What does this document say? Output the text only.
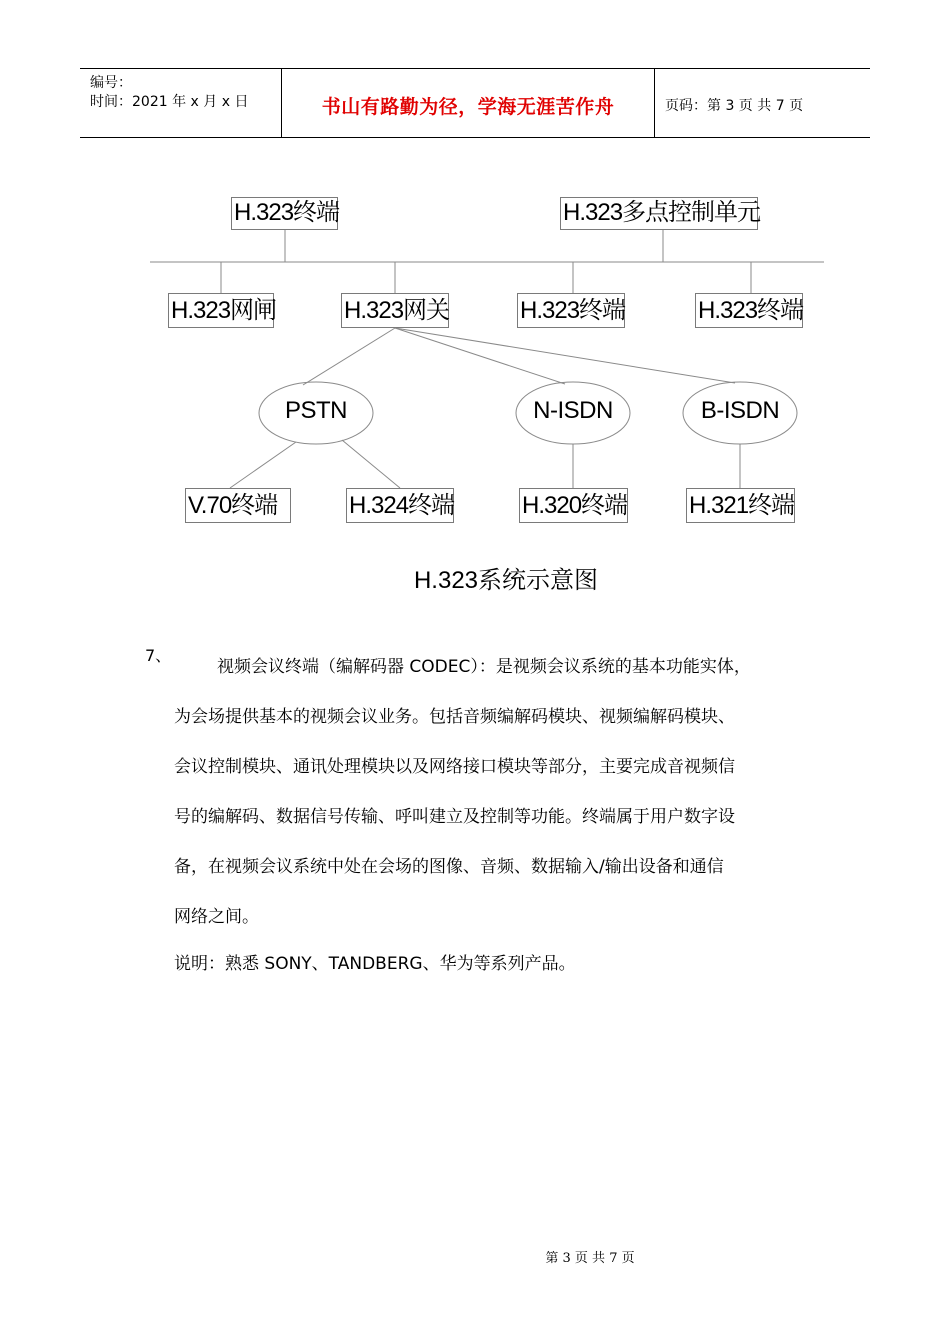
编号：
时间：2021 年 x 月 x 日	书山有路勤为径，学海无涯苦作舟	页码：第 3 页 共 7 页
H.323终端	H.323多点控制单元
H.323网闸	H.323网关	H.323终端	H.323终端
PSTN	N-ISDN	B-ISDN
V.70终端	H.324终端	H.320终端	H.321终端
H.323系统示意图
7、
视频会议终端（编解码器 CODEC）：是视频会议系统的基本功能实体，
为会场提供基本的视频会议业务。包括音频编解码模块、视频编解码模块、
会议控制模块、通讯处理模块以及网络接口模块等部分，主要完成音视频信
号的编解码、数据信号传输、呼叫建立及控制等功能。终端属于用户数字设
备，在视频会议系统中处在会场的图像、音频、数据输入/输出设备和通信
网络之间。
说明：熟悉 SONY、TANDBERG、华为等系列产品。
第 3 页 共 7 页
